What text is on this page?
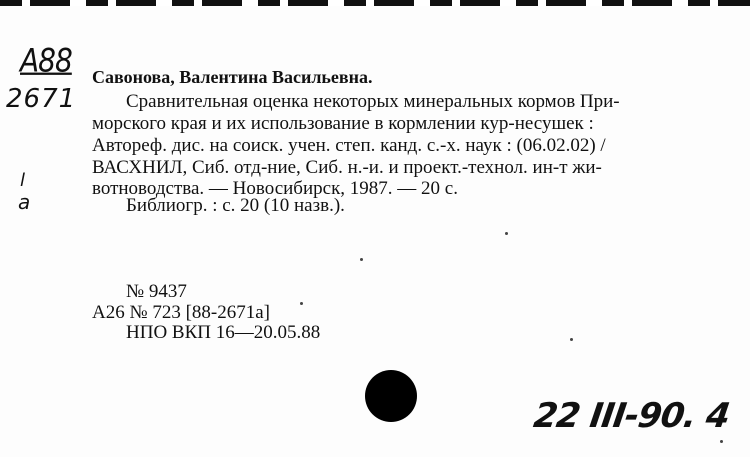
A88
2671
l
a
Савонова, Валентина Васильевна.
Сравнительная оценка некоторых минеральных кормов При-
морского края и их использование в кормлении кур-несушек :
Автореф. дис. на соиск. учен. степ. канд. с.-х. наук : (06.02.02) /
ВАСХНИЛ, Сиб. отд-ние, Сиб. н.-и. и проект.-технол. ин-т жи-
вотноводства. — Новосибирск, 1987. — 20 с.
Библиогр. : с. 20 (10 назв.).
№ 9437
А26 № 723 [88-2671а]
НПО ВКП 16—20.05.88
22 III-90. 4
